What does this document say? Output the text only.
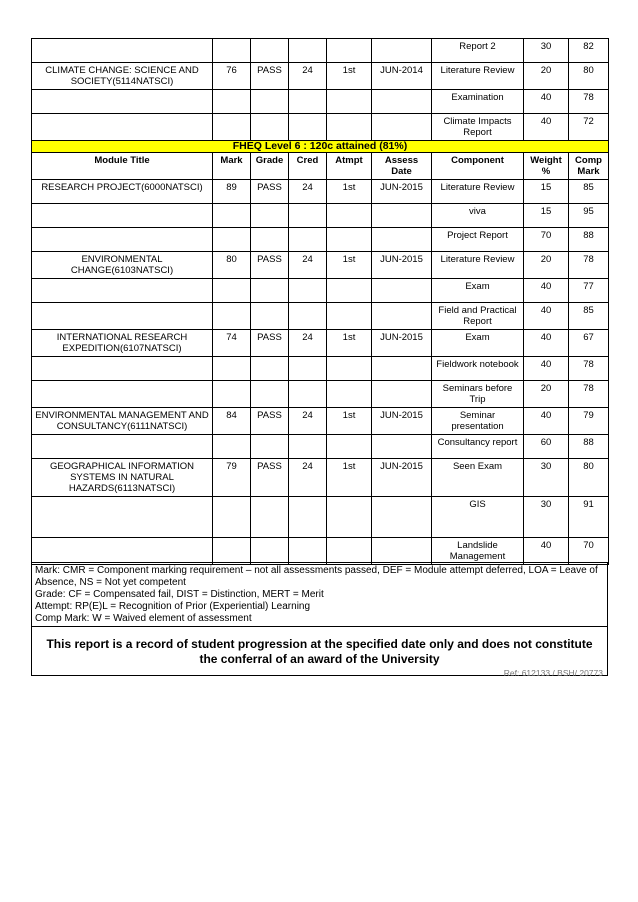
						Report 2	30	82
CLIMATE CHANGE: SCIENCE AND SOCIETY(5114NATSCI)	76	PASS	24	1st	JUN-2014	Literature Review	20	80
						Examination	40	78
						Climate Impacts Report	40	72
FHEQ Level 6 : 120c attained (81%)								
Module Title	Mark	Grade	Cred	Atmpt	Assess Date	Component	Weight %	Comp Mark
RESEARCH PROJECT(6000NATSCI)	89	PASS	24	1st	JUN-2015	Literature Review	15	85
						viva	15	95
						Project Report	70	88
ENVIRONMENTAL CHANGE(6103NATSCI)	80	PASS	24	1st	JUN-2015	Literature Review	20	78
						Exam	40	77
						Field and Practical Report	40	85
INTERNATIONAL RESEARCH EXPEDITION(6107NATSCI)	74	PASS	24	1st	JUN-2015	Exam	40	67
						Fieldwork notebook	40	78
						Seminars before Trip	20	78
ENVIRONMENTAL MANAGEMENT AND CONSULTANCY(6111NATSCI)	84	PASS	24	1st	JUN-2015	Seminar presentation	40	79
						Consultancy report	60	88
GEOGRAPHICAL INFORMATION SYSTEMS IN NATURAL HAZARDS(6113NATSCI)	79	PASS	24	1st	JUN-2015	Seen Exam	30	80
						GIS	30	91
						Landslide Management	40	70
Mark: CMR = Component marking requirement – not all assessments passed, DEF = Module attempt deferred, LOA = Leave of Absence, NS = Not yet competent
Grade: CF = Compensated fail, DIST = Distinction, MERT = Merit
Attempt: RP(E)L = Recognition of Prior (Experiential) Learning
Comp Mark: W = Waived element of assessment
This report is a record of student progression at the specified date only and does not constitute the conferral of an award of the University
Ref: 612133 / BSH/ 20773
